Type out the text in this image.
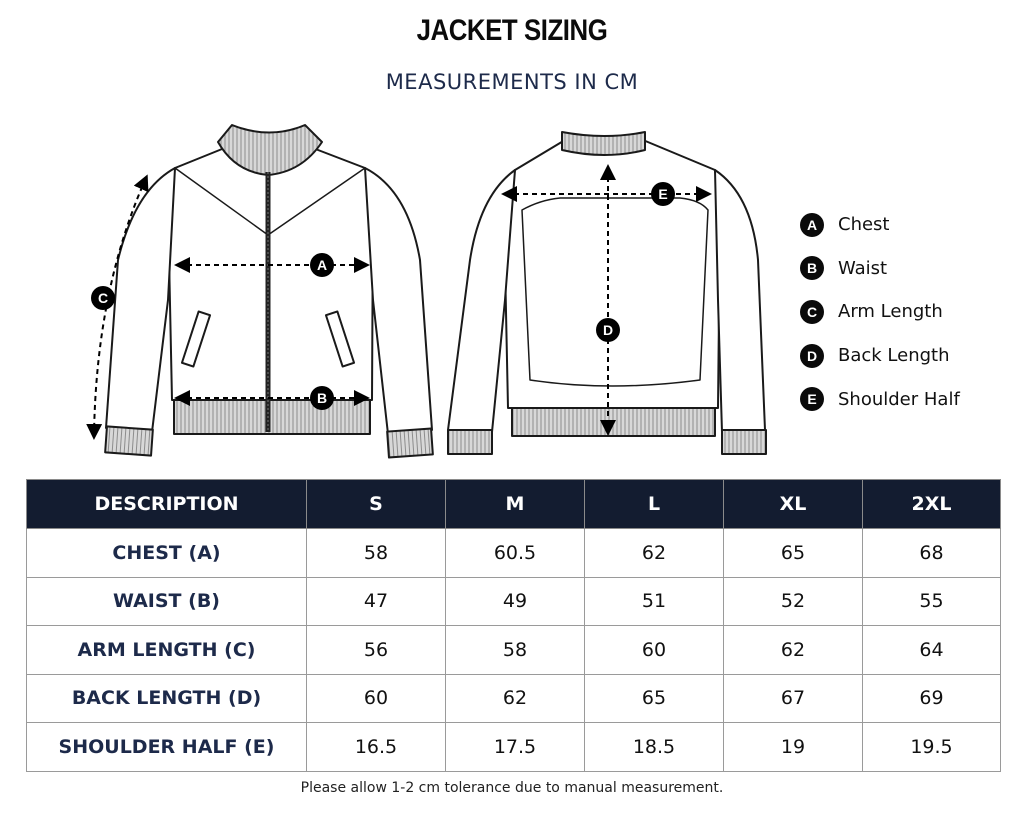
JACKET SIZING
MEASUREMENTS IN CM
A
B
C
D
E
A	Chest
B	Waist
C	Arm Length
D	Back Length
E	Shoulder Half
DESCRIPTION	S	M	L	XL	2XL
CHEST (A)	58	60.5	62	65	68
WAIST (B)	47	49	51	52	55
ARM LENGTH (C)	56	58	60	62	64
BACK LENGTH (D)	60	62	65	67	69
SHOULDER HALF (E)	16.5	17.5	18.5	19	19.5
Please allow 1-2 cm tolerance due to manual measurement.
